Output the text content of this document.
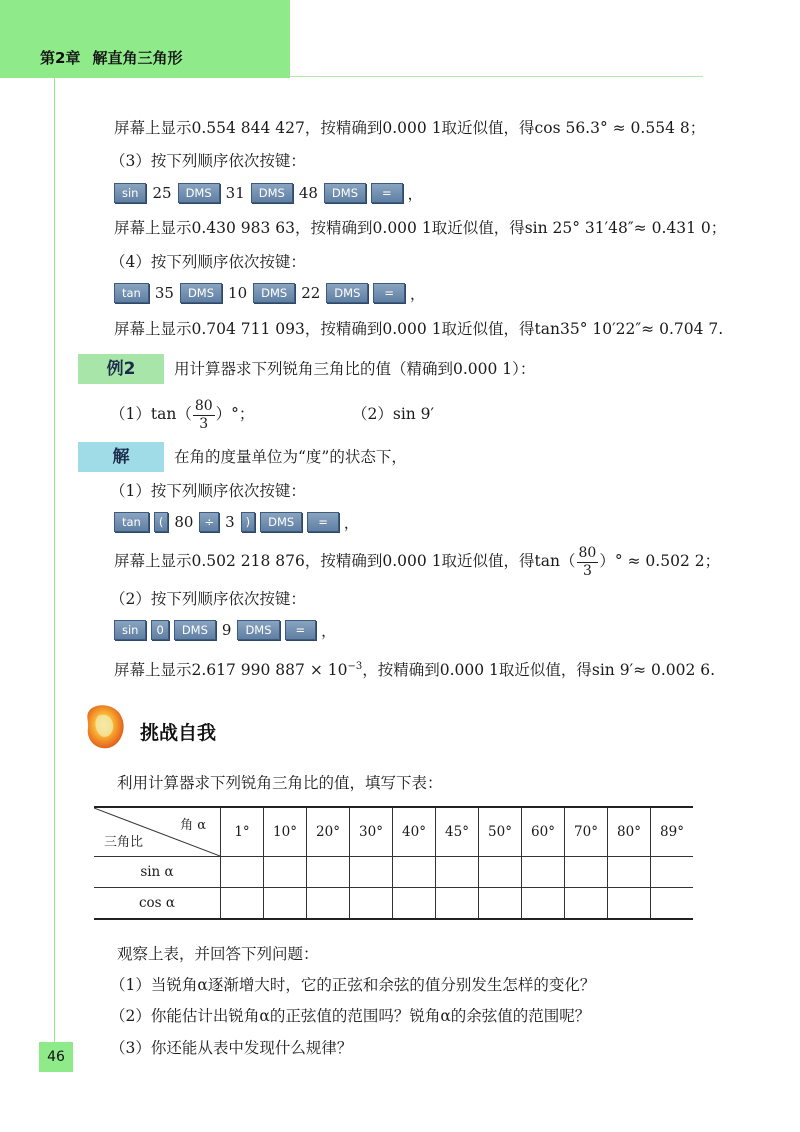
第2章 解直角三角形
屏幕上显示0.554 844 427，按精确到0.000 1取近似值，得cos 56.3° ≈ 0.554 8；
（3）按下列顺序依次按键：
sin 25	DMS 31	DMS 48	DMS	=	，
屏幕上显示0.430 983 63，按精确到0.000 1取近似值，得sin 25° 31′48″≈ 0.431 0；
（4）按下列顺序依次按键：
tan 35	DMS 10	DMS 22	DMS	=	，
屏幕上显示0.704 711 093，按精确到0.000 1取近似值，得tan35° 10′22″≈ 0.704 7.
例2	用计算器求下列锐角三角比的值（精确到0.000 1）：
$(1)\tan( \frac{80}{3}$ ）°；	（2）sin 9′
解	在角的度量单位为“度”的状态下，
（1）按下列顺序依次按键：
tan	( 80 ÷ 3 )	DMS	=	，
屏幕上显示0.502 218 876，按精确到0.000 1取近似值，得$\tan( \frac{80}{3}$ ）° ≈ 0.502 2；
（2）按下列顺序依次按键：
sin	0	DMS 9	DMS	=	，
屏幕上显示2.617 990 $887 \times 10^{-3}$，按精确到0.000 1取近似值，得sin 9′≈ 0.002 6.
挑战自我
利用计算器求下列锐角三角比的值，填写下表：
角 α
三角比	1°	10°	20°	30°	40°	45°	50°	60°	70°	80°	89°
sin α											
cos α											
观察上表，并回答下列问题：
（1）当锐角α逐渐增大时，它的正弦和余弦的值分别发生怎样的变化？
（2）你能估计出锐角α的正弦值的范围吗？锐角α的余弦值的范围呢？
（3）你还能从表中发现什么规律？
46
